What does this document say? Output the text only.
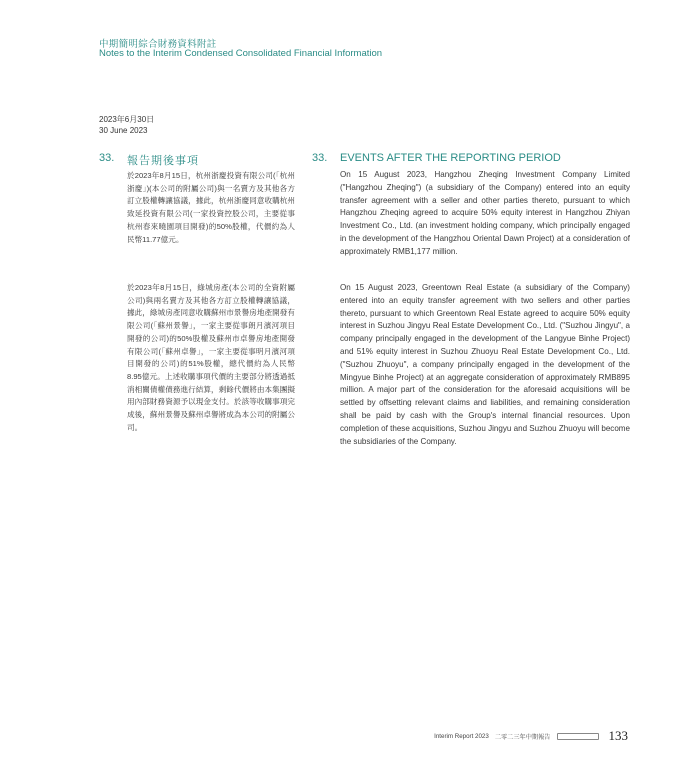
中期簡明綜合財務資料附註
Notes to the Interim Condensed Consolidated Financial Information
2023年6月30日
30 June 2023
33. 報告期後事項	33. EVENTS AFTER THE REPORTING PERIOD
於2023年8月15日，杭州浙慶投資有限公司(「杭州浙慶」)(本公司的附屬公司)與一名賣方及其他各方訂立股權轉讓協議，據此，杭州浙慶同意收購杭州致延投資有限公司(一家投資控股公司，主要從事杭州春來曉園項目開發)的50%股權，代價約為人民幣11.77億元。
於2023年8月15日，綠城房產(本公司的全資附屬公司)與兩名賣方及其他各方訂立股權轉讓協議，據此，綠城房產同意收購蘇州市景譽房地產開發有限公司(「蘇州景譽」，一家主要從事朗月濱河項目開發的公司)的50%股權及蘇州市卓譽房地產開發有限公司(「蘇州卓譽」，一家主要從事明月濱河項目開發的公司)的51%股權，總代價約為人民幣8.95億元。上述收購事項代價的主要部分將透過抵消相關債權債務進行結算，剩餘代價將由本集團擬用內部財務資源予以現金支付。於該等收購事項完成後，蘇州景譽及蘇州卓譽將成為本公司的附屬公司。
On 15 August 2023, Hangzhou Zheqing Investment Company Limited ("Hangzhou Zheqing") (a subsidiary of the Company) entered into an equity transfer agreement with a seller and other parties thereto, pursuant to which Hangzhou Zheqing agreed to acquire 50% equity interest in Hangzhou Zhiyan Investment Co., Ltd. (an investment holding company, which principally engaged in the development of the Hangzhou Oriental Dawn Project) at a consideration of approximately RMB1,177 million.
On 15 August 2023, Greentown Real Estate (a subsidiary of the Company) entered into an equity transfer agreement with two sellers and other parties thereto, pursuant to which Greentown Real Estate agreed to acquire 50% equity interest in Suzhou Jingyu Real Estate Development Co., Ltd. ("Suzhou Jingyu", a company principally engaged in the development of the Langyue Binhe Project) and 51% equity interest in Suzhou Zhuoyu Real Estate Development Co., Ltd. ("Suzhou Zhuoyu", a company principally engaged in the development of the Mingyue Binhe Project) at an aggregate consideration of approximately RMB895 million. A major part of the consideration for the aforesaid acquisitions will be settled by offsetting relevant claims and liabilities, and remaining consideration shall be paid by cash with the Group's internal financial resources. Upon completion of these acquisitions, Suzhou Jingyu and Suzhou Zhuoyu will become the subsidiaries of the Company.
Interim Report 2023 二零二三年中期報告	133
